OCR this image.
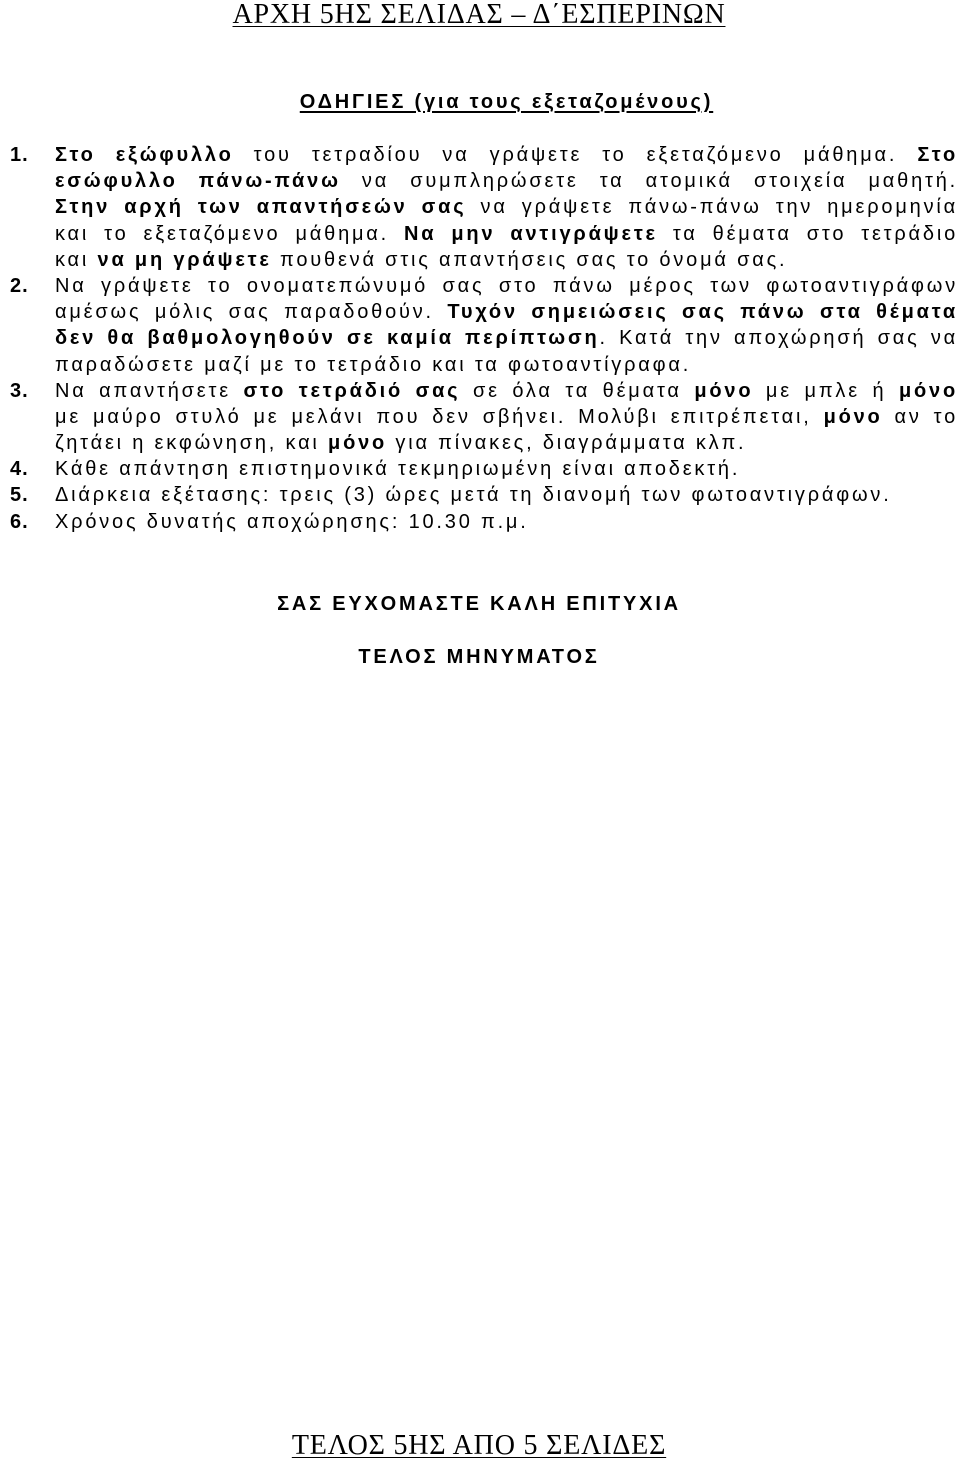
ΑΡΧΗ 5ΗΣ ΣΕΛΙΔΑΣ – Δ΄ΕΣΠΕΡΙΝΩΝ
ΟΔΗΓΙΕΣ (για τους εξεταζομένους)
1. Στο εξώφυλλο του τετραδίου να γράψετε το εξεταζόμενο μάθημα. Στο
εσώφυλλο πάνω-πάνω να συμπληρώσετε τα ατομικά στοιχεία μαθητή.
Στην αρχή των απαντήσεών σας να γράψετε πάνω-πάνω την ημερομηνία
και το εξεταζόμενο μάθημα. Να μην αντιγράψετε τα θέματα στο τετράδιο
και να μη γράψετε πουθενά στις απαντήσεις σας το όνομά σας.
2. Να γράψετε το ονοματεπώνυμό σας στο πάνω μέρος των φωτοαντιγράφων
αμέσως μόλις σας παραδοθούν. Τυχόν σημειώσεις σας πάνω στα θέματα
δεν θα βαθμολογηθούν σε καμία περίπτωση. Κατά την αποχώρησή σας να
παραδώσετε μαζί με το τετράδιο και τα φωτοαντίγραφα.
3. Να απαντήσετε στο τετράδιό σας σε όλα τα θέματα μόνο με μπλε ή μόνο
με μαύρο στυλό με μελάνι που δεν σβήνει. Μολύβι επιτρέπεται, μόνο αν το
ζητάει η εκφώνηση, και μόνο για πίνακες, διαγράμματα κλπ.
4. Κάθε απάντηση επιστημονικά τεκμηριωμένη είναι αποδεκτή.
5. Διάρκεια εξέτασης: τρεις (3) ώρες μετά τη διανομή των φωτοαντιγράφων.
6. Χρόνος δυνατής αποχώρησης: 10.30 π.μ.
ΣΑΣ ΕΥΧΟΜΑΣΤΕ ΚΑΛΗ ΕΠΙΤΥΧΙΑ
ΤΕΛΟΣ ΜΗΝΥΜΑΤΟΣ
ΤΕΛΟΣ 5ΗΣ ΑΠΟ 5 ΣΕΛΙΔΕΣ
